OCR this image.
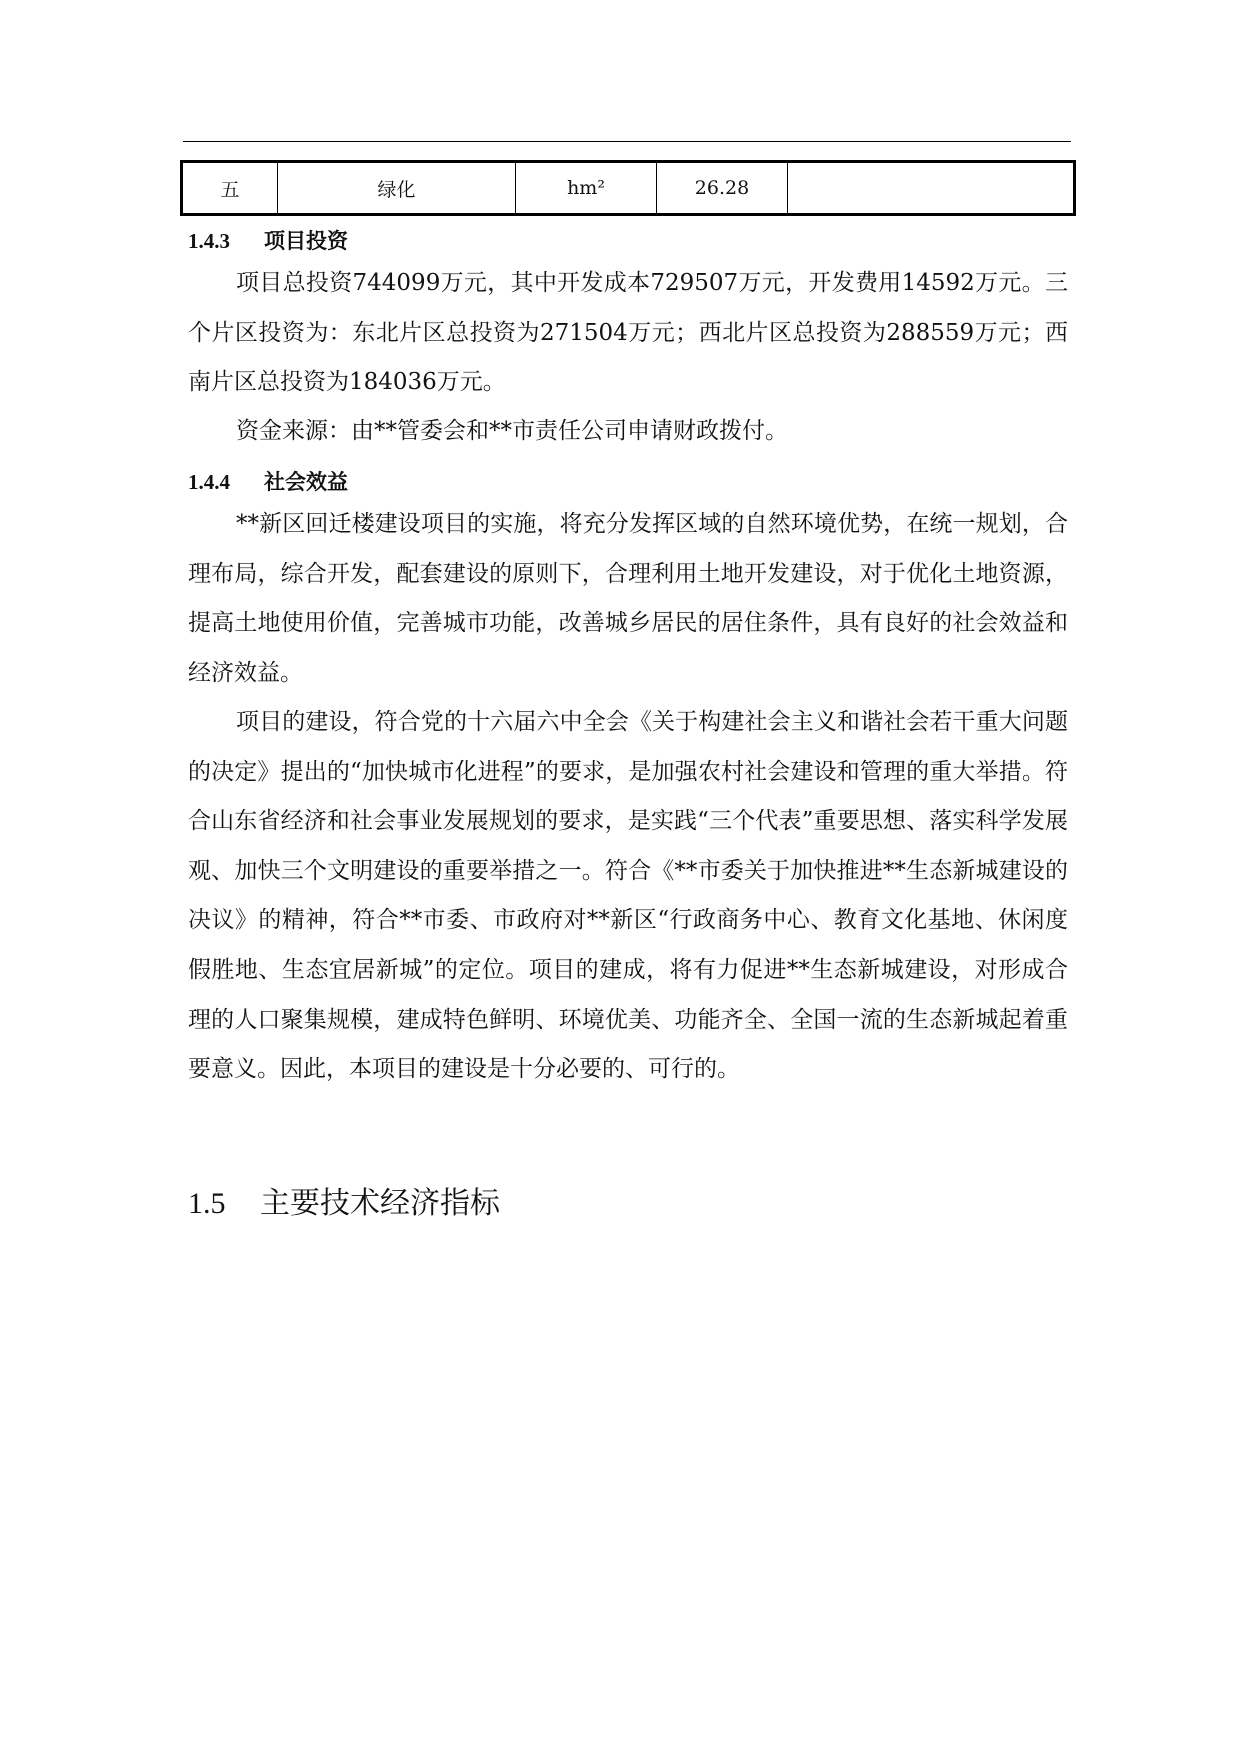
五	绿化	hm²	26.28	
1.4.3 项目投资

项目总投资744099万元，其中开发成本729507万元，开发费用14592万元。三个片区投资为：东北片区总投资为271504万元；西北片区总投资为288559万元；西南片区总投资为184036万元。

资金来源：由**管委会和**市责任公司申请财政拨付。

1.4.4 社会效益

**新区回迁楼建设项目的实施，将充分发挥区域的自然环境优势，在统一规划，合理布局，综合开发，配套建设的原则下，合理利用土地开发建设，对于优化土地资源，提高土地使用价值，完善城市功能，改善城乡居民的居住条件，具有良好的社会效益和经济效益。

项目的建设，符合党的十六届六中全会《关于构建社会主义和谐社会若干重大问题的决定》提出的“加快城市化进程”的要求，是加强农村社会建设和管理的重大举措。符合山东省经济和社会事业发展规划的要求，是实践“三个代表”重要思想、落实科学发展观、加快三个文明建设的重要举措之一。符合《**市委关于加快推进**生态新城建设的决议》的精神，符合**市委、市政府对**新区“行政商务中心、教育文化基地、休闲度假胜地、生态宜居新城”的定位。项目的建成，将有力促进**生态新城建设，对形成合理的人口聚集规模，建成特色鲜明、环境优美、功能齐全、全国一流的生态新城起着重要意义。因此，本项目的建设是十分必要的、可行的。

1.5 主要技术经济指标
